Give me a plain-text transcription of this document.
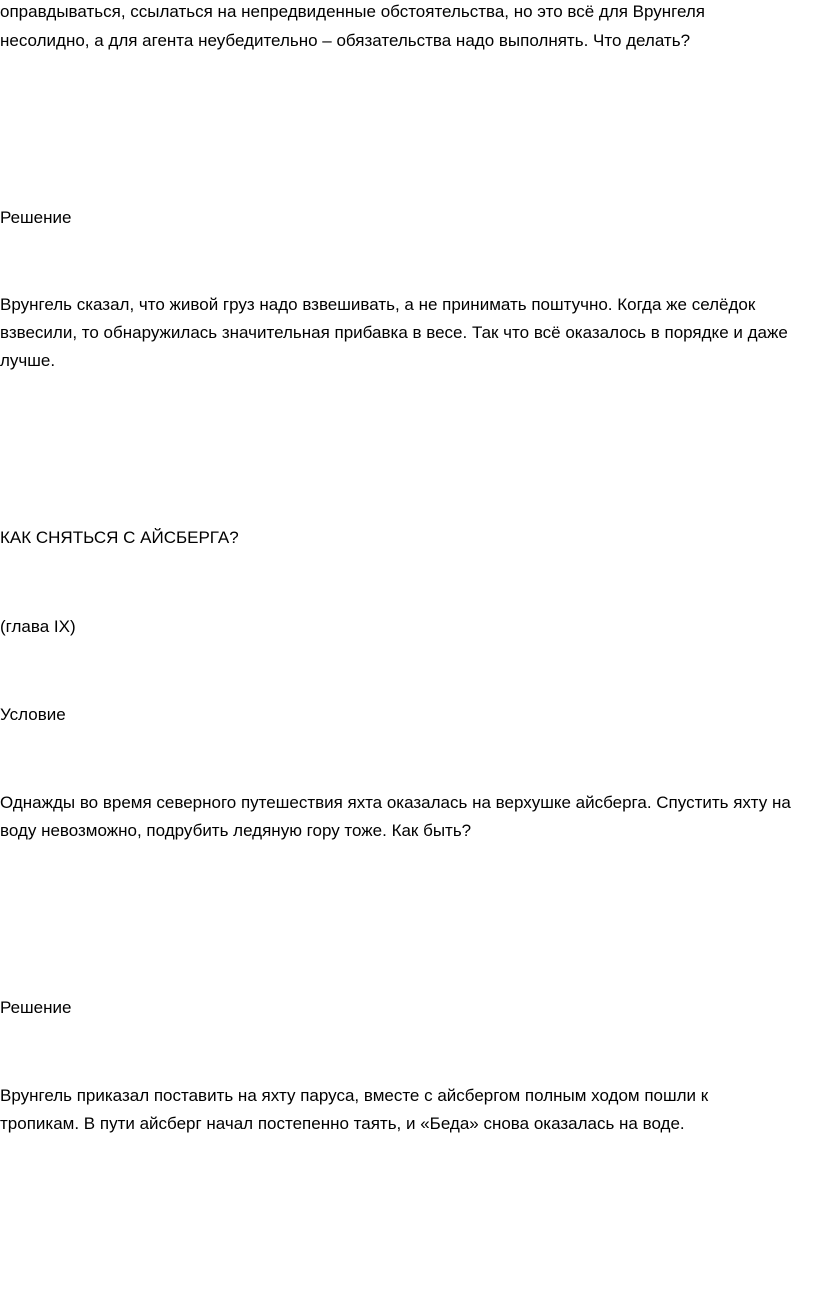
оправдываться, ссылаться на непредвиденные обстоятельства, но это всё для Врунгеля

несолидно, а для агента неубедительно – обязательства надо выполнять. Что делать?

Решение

Врунгель сказал, что живой груз надо взвешивать, а не принимать поштучно. Когда же селёдок

взвесили, то обнаружилась значительная прибавка в весе. Так что всё оказалось в порядке и даже

лучше.

КАК СНЯТЬСЯ С АЙСБЕРГА?

(глава IX)

Условие

Однажды во время северного путешествия яхта оказалась на верхушке айсберга. Спустить яхту на

воду невозможно, подрубить ледяную гору тоже. Как быть?

Решение

Врунгель приказал поставить на яхту паруса, вместе с айсбергом полным ходом пошли к

тропикам. В пути айсберг начал постепенно таять, и «Беда» снова оказалась на воде.
